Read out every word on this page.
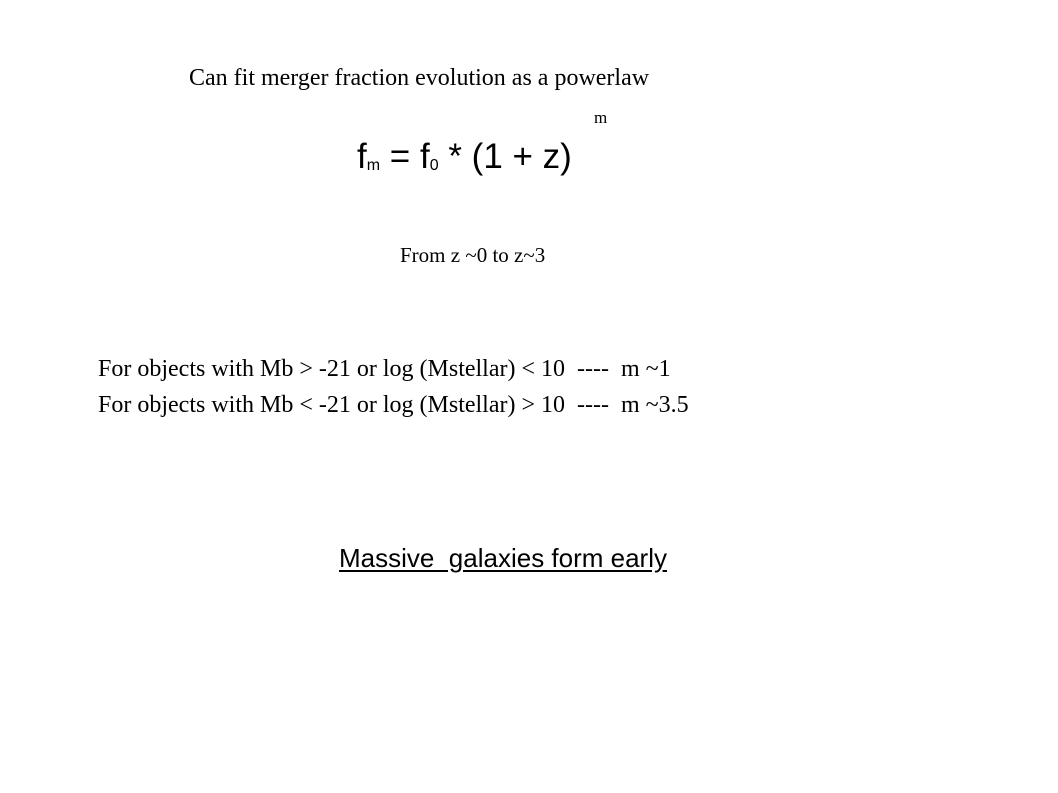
Can fit merger fraction evolution as a powerlaw
m
fm = f0 * (1 + z)
From z ~0 to z~3
For objects with Mb > -21 or log (Mstellar) < 10  ----  m ~1
For objects with Mb < -21 or log (Mstellar) > 10  ----  m ~3.5
Massive  galaxies form early
